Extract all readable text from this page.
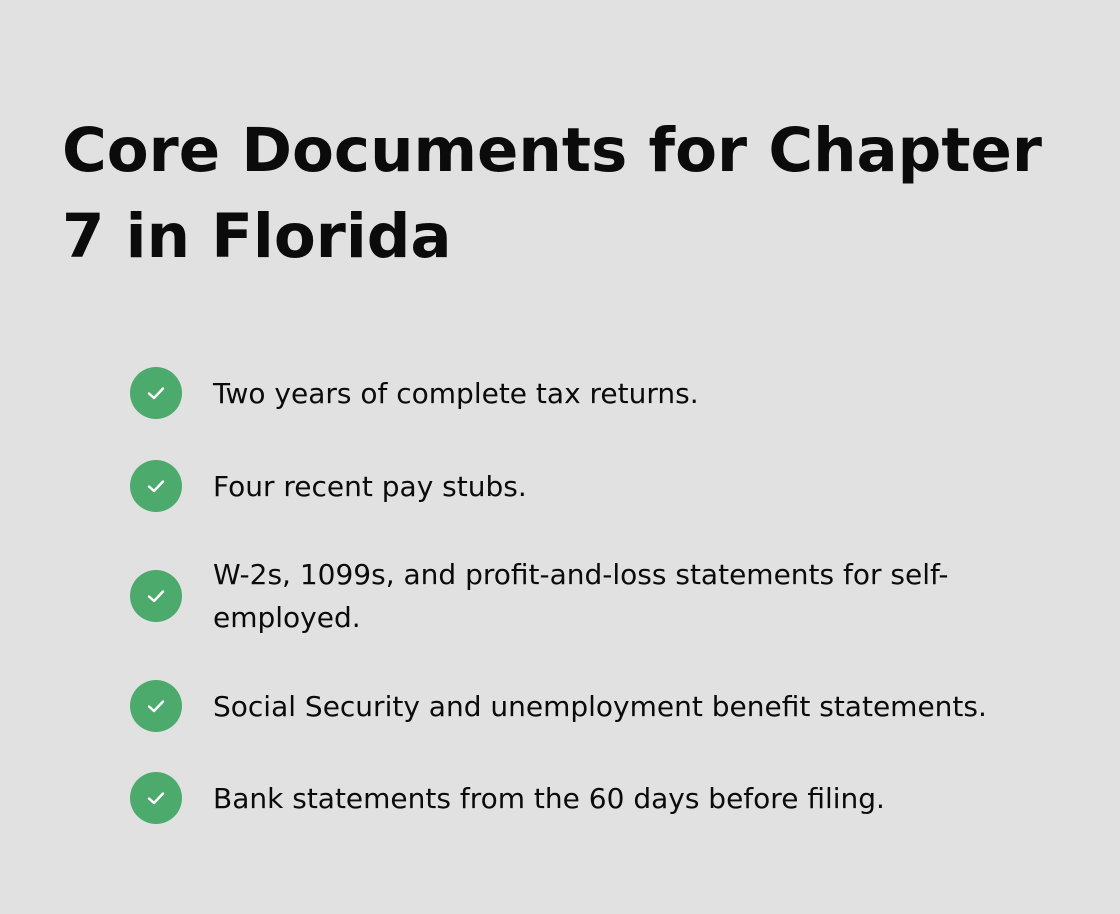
Core Documents for Chapter 7 in Florida
Two years of complete tax returns.
Four recent pay stubs.
W-2s, 1099s, and profit-and-loss statements for self-employed.
Social Security and unemployment benefit statements.
Bank statements from the 60 days before filing.
